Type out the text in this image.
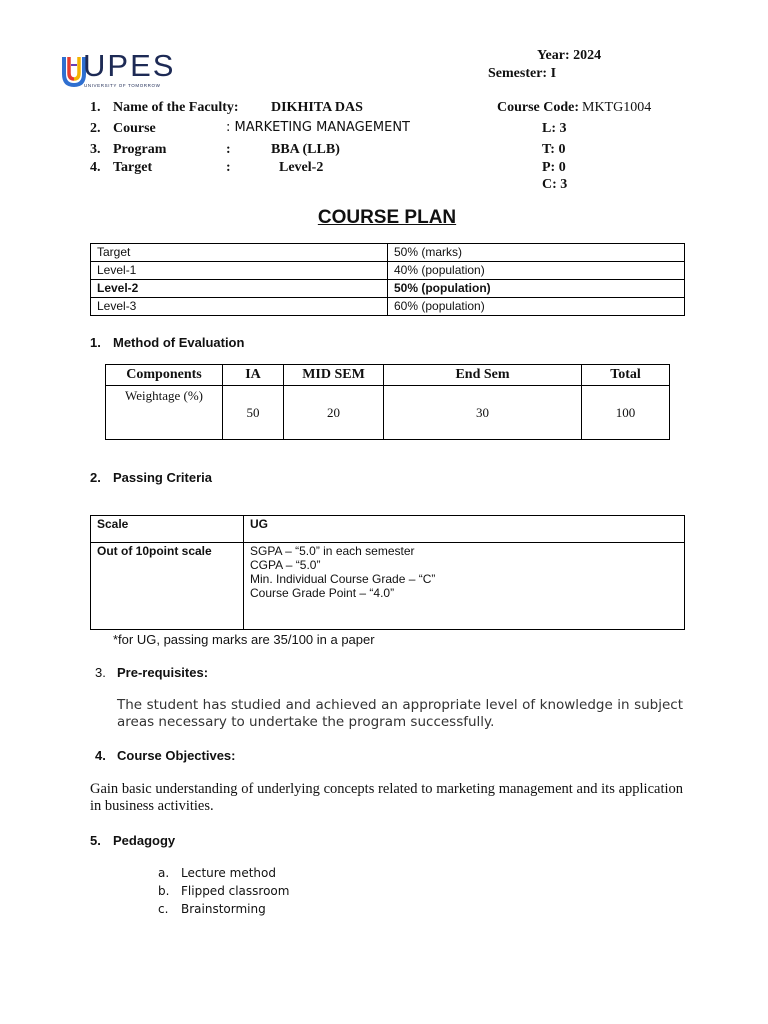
UPES
UNIVERSITY OF TOMORROW
Year: 2024
Semester: I
1. Name of the Faculty: DIKHITA DAS
2. Course	: MARKETING MANAGEMENT
3. Program	:	BBA (LLB)
4. Target	:	Level-2
Course Code: MKTG1004
L: 3
T: 0
P: 0
C: 3
COURSE PLAN
Target	50% (marks)
Level-1	40% (population)
Level-2	50% (population)
Level-3	60% (population)
1. Method of Evaluation
Components	IA	MID SEM	End Sem	Total
Weightage (%)	50	20	30	100
2. Passing Criteria
Scale	UG
Out of 10point scale	SGPA – “5.0” in each semester
CGPA – “5.0”
Min. Individual Course Grade – “C”
Course Grade Point – “4.0”
*for UG, passing marks are 35/100 in a paper
3. Pre-requisites:
The student has studied and achieved an appropriate level of knowledge in subject areas necessary to undertake the program successfully.
4. Course Objectives:
Gain basic understanding of underlying concepts related to marketing management and its application in business activities.
5. Pedagogy
a. Lecture method
b. Flipped classroom
c. Brainstorming
